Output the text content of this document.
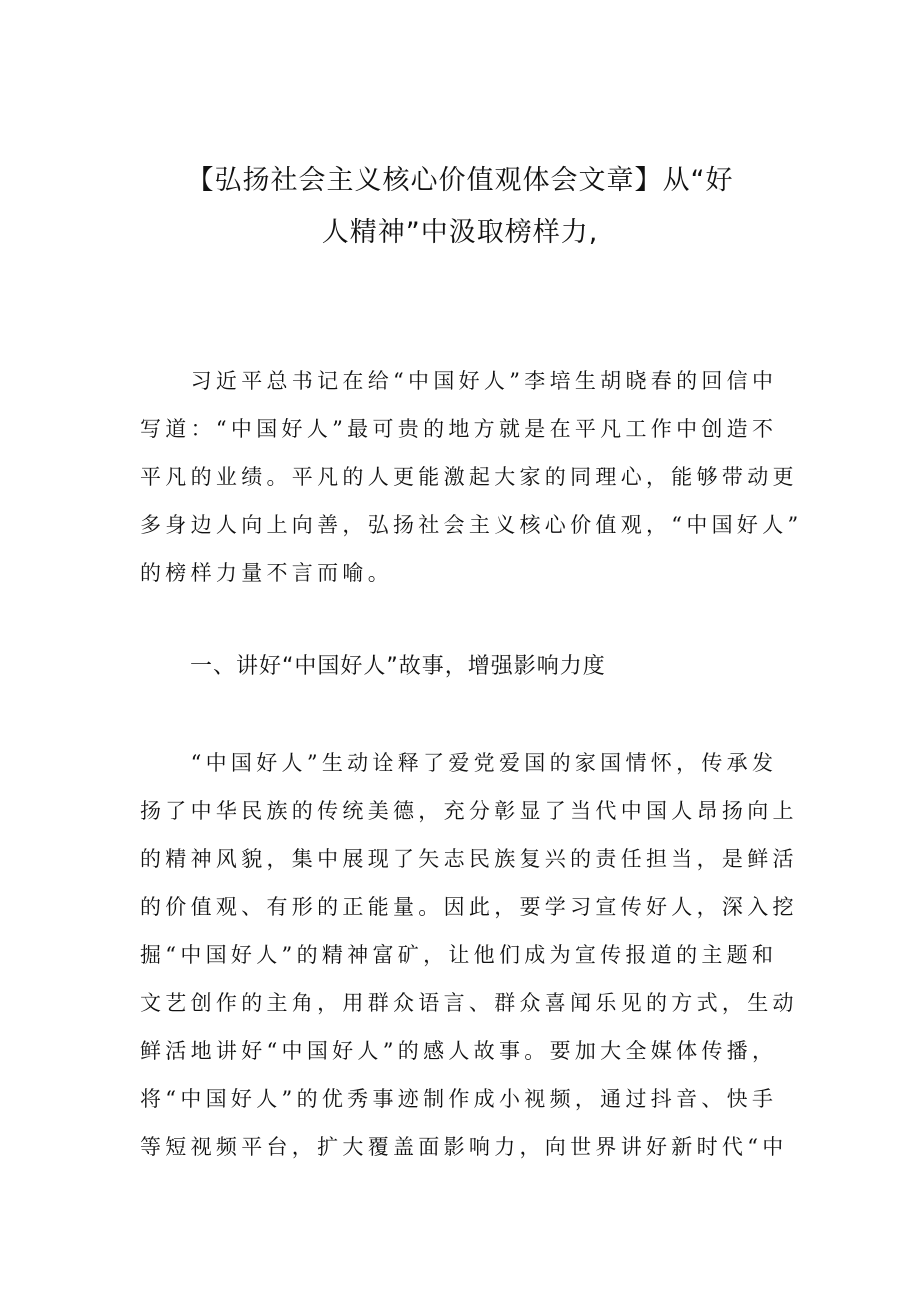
【弘扬社会主义核心价值观体会文章】从“好
人精神”中汲取榜样力,
　　习近平总书记在给“中国好人”李培生胡晓春的回信中
写道：“中国好人”最可贵的地方就是在平凡工作中创造不
平凡的业绩。平凡的人更能激起大家的同理心，能够带动更
多身边人向上向善，弘扬社会主义核心价值观，“中国好人”
的榜样力量不言而喻。
一、讲好“中国好人”故事，增强影响力度
　　“中国好人”生动诠释了爱党爱国的家国情怀，传承发
扬了中华民族的传统美德，充分彰显了当代中国人昂扬向上
的精神风貌，集中展现了矢志民族复兴的责任担当，是鲜活
的价值观、有形的正能量。因此，要学习宣传好人，深入挖
掘“中国好人”的精神富矿，让他们成为宣传报道的主题和
文艺创作的主角，用群众语言、群众喜闻乐见的方式，生动
鲜活地讲好“中国好人”的感人故事。要加大全媒体传播，
将“中国好人”的优秀事迹制作成小视频，通过抖音、快手
等短视频平台，扩大覆盖面影响力，向世界讲好新时代“中
